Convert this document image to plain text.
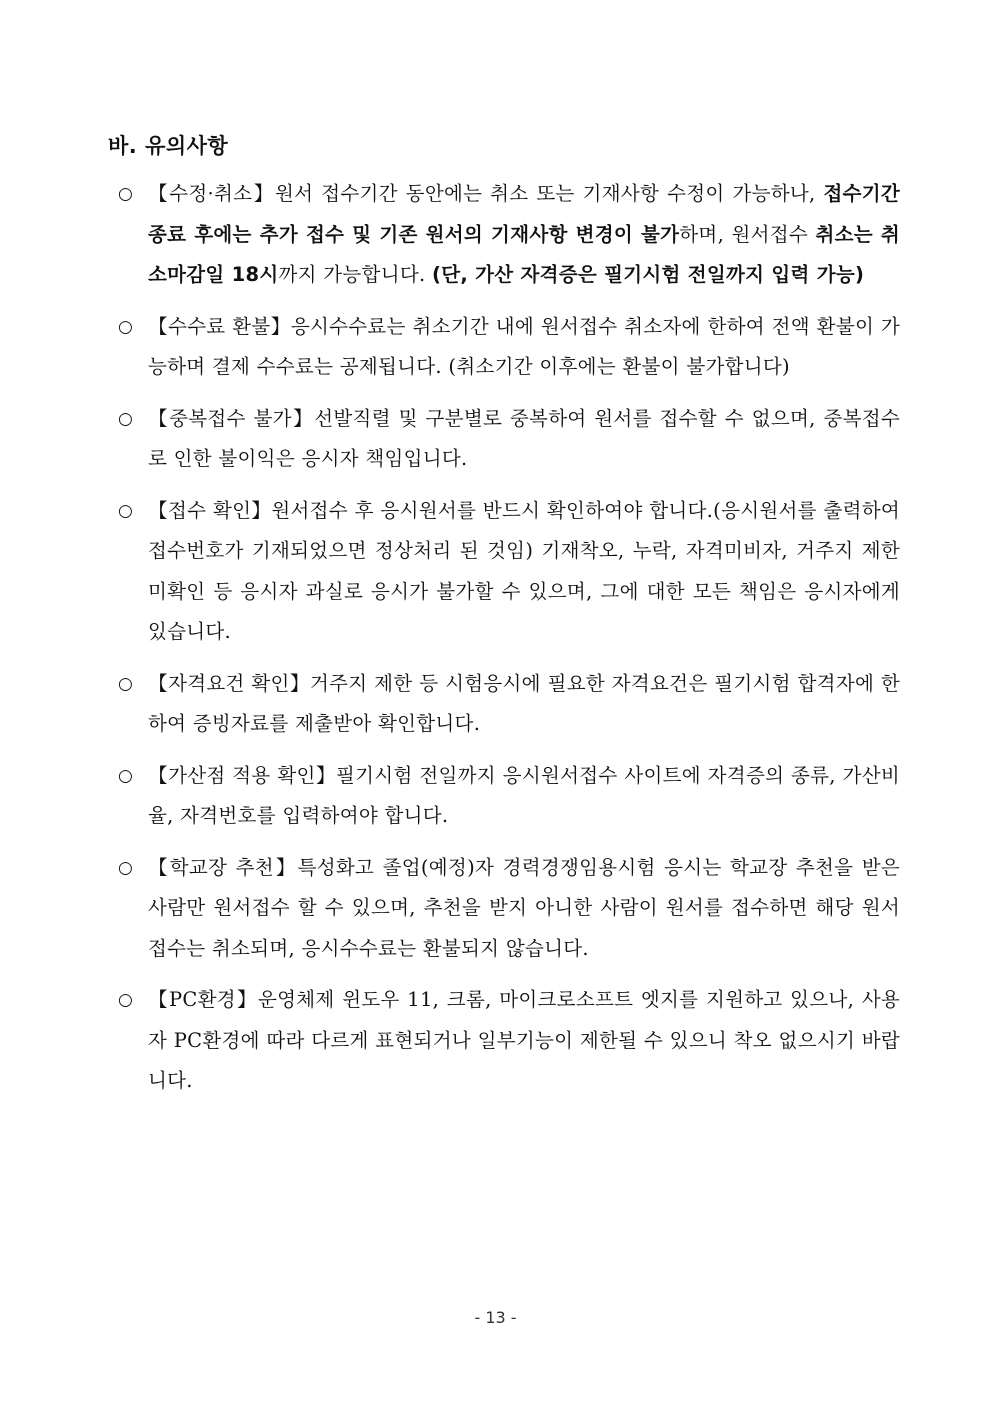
바. 유의사항
○ 【수정·취소】원서 접수기간 동안에는 취소 또는 기재사항 수정이 가능하나, 접수기간 종료 후에는 추가 접수 및 기존 원서의 기재사항 변경이 불가하며, 원서접수 취소는 취소마감일 18시까지 가능합니다. (단, 가산 자격증은 필기시험 전일까지 입력 가능)
○ 【수수료 환불】응시수수료는 취소기간 내에 원서접수 취소자에 한하여 전액 환불이 가능하며 결제 수수료는 공제됩니다. (취소기간 이후에는 환불이 불가합니다)
○ 【중복접수 불가】선발직렬 및 구분별로 중복하여 원서를 접수할 수 없으며, 중복접수로 인한 불이익은 응시자 책임입니다.
○ 【접수 확인】원서접수 후 응시원서를 반드시 확인하여야 합니다.(응시원서를 출력하여 접수번호가 기재되었으면 정상처리 된 것임) 기재착오, 누락, 자격미비자, 거주지 제한 미확인 등 응시자 과실로 응시가 불가할 수 있으며, 그에 대한 모든 책임은 응시자에게 있습니다.
○ 【자격요건 확인】거주지 제한 등 시험응시에 필요한 자격요건은 필기시험 합격자에 한하여 증빙자료를 제출받아 확인합니다.
○ 【가산점 적용 확인】필기시험 전일까지 응시원서접수 사이트에 자격증의 종류, 가산비율, 자격번호를 입력하여야 합니다.
○ 【학교장 추천】특성화고 졸업(예정)자 경력경쟁임용시험 응시는 학교장 추천을 받은 사람만 원서접수 할 수 있으며, 추천을 받지 아니한 사람이 원서를 접수하면 해당 원서접수는 취소되며, 응시수수료는 환불되지 않습니다.
○ 【PC환경】운영체제 윈도우 11, 크롬, 마이크로소프트 엣지를 지원하고 있으나, 사용자 PC환경에 따라 다르게 표현되거나 일부기능이 제한될 수 있으니 착오 없으시기 바랍니다.
- 13 -
